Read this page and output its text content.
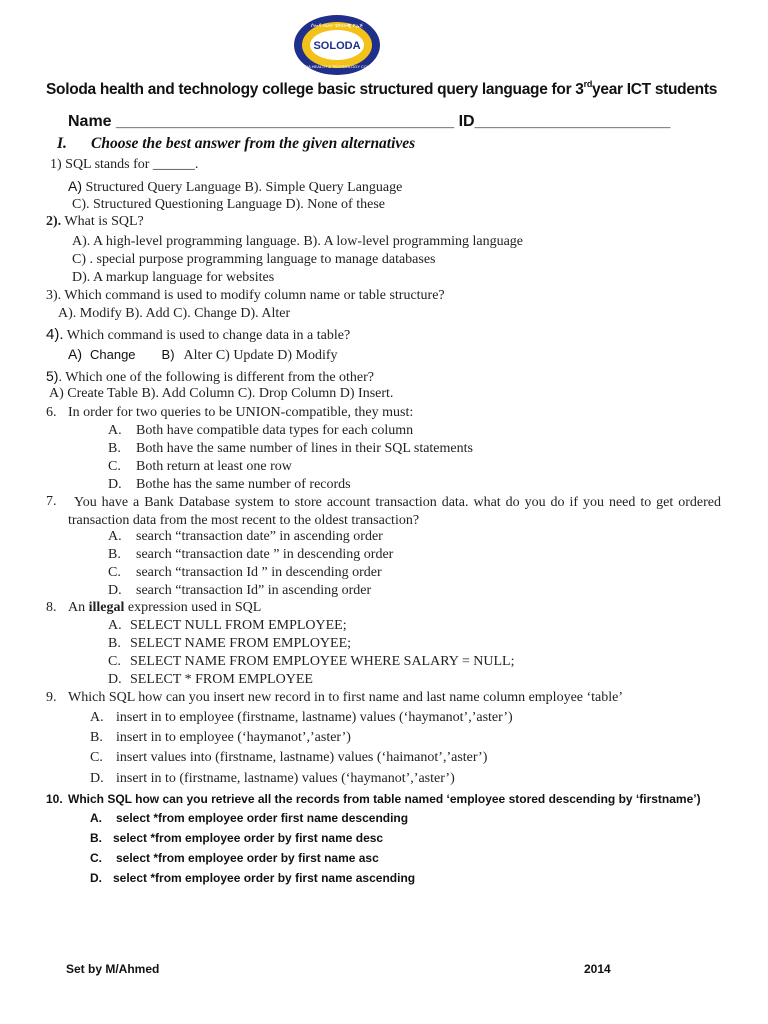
SOLODA
ሶሎዳ ጤናና ቴክኖሎጂ ኮሌጅ
SOLODA HEALTH & TECHNOLOGY COLLEGE
Soloda health and technology college basic structured query language for 3rdyear ICT students
Name ______________________________________ ID______________________
I. Choose the best answer from the given alternatives
1) SQL stands for ______.
A) Structured Query Language B). Simple Query Language
C). Structured Questioning Language D). None of these
2). What is SQL?
A). A high-level programming language. B). A low-level programming language
C) . special purpose programming language to manage databases
D). A markup language for websites
3). Which command is used to modify column name or table structure?
A). Modify B). Add C). Change D). Alter
4). Which command is used to change data in a table?
A) Change B) Alter C) Update D) Modify
5). Which one of the following is different from the other?
A) Create Table B). Add Column C). Drop Column D) Insert.
6. In order for two queries to be UNION-compatible, they must:
A. Both have compatible data types for each column
B. Both have the same number of lines in their SQL statements
C. Both return at least one row
D. Bothe has the same number of records
7.	You have a Bank Database system to store account transaction data. what do you do if you need to get ordered transaction data from the most recent to the oldest transaction?
A. search “transaction date” in ascending order
B. search “transaction date ” in descending order
C. search “transaction Id ” in descending order
D. search “transaction Id” in ascending order
8. An illegal expression used in SQL
A. SELECT NULL FROM EMPLOYEE;
B. SELECT NAME FROM EMPLOYEE;
C. SELECT NAME FROM EMPLOYEE WHERE SALARY = NULL;
D. SELECT * FROM EMPLOYEE
9. Which SQL how can you insert new record in to first name and last name column employee ‘table’
A. insert in to employee (firstname, lastname) values (‘haymanot’,’aster’)
B. insert in to employee (‘haymanot’,’aster’)
C. insert values into (firstname, lastname) values (‘haimanot’,’aster’)
D. insert in to (firstname, lastname) values (‘haymanot’,’aster’)
10. Which SQL how can you retrieve all the records from table named ‘employee stored descending by ‘firstname’)
A. select *from employee order first name descending
B. select *from employee order by first name desc
C. select *from employee order by first name asc
D. select *from employee order by first name ascending
Set by M/Ahmed	2014
